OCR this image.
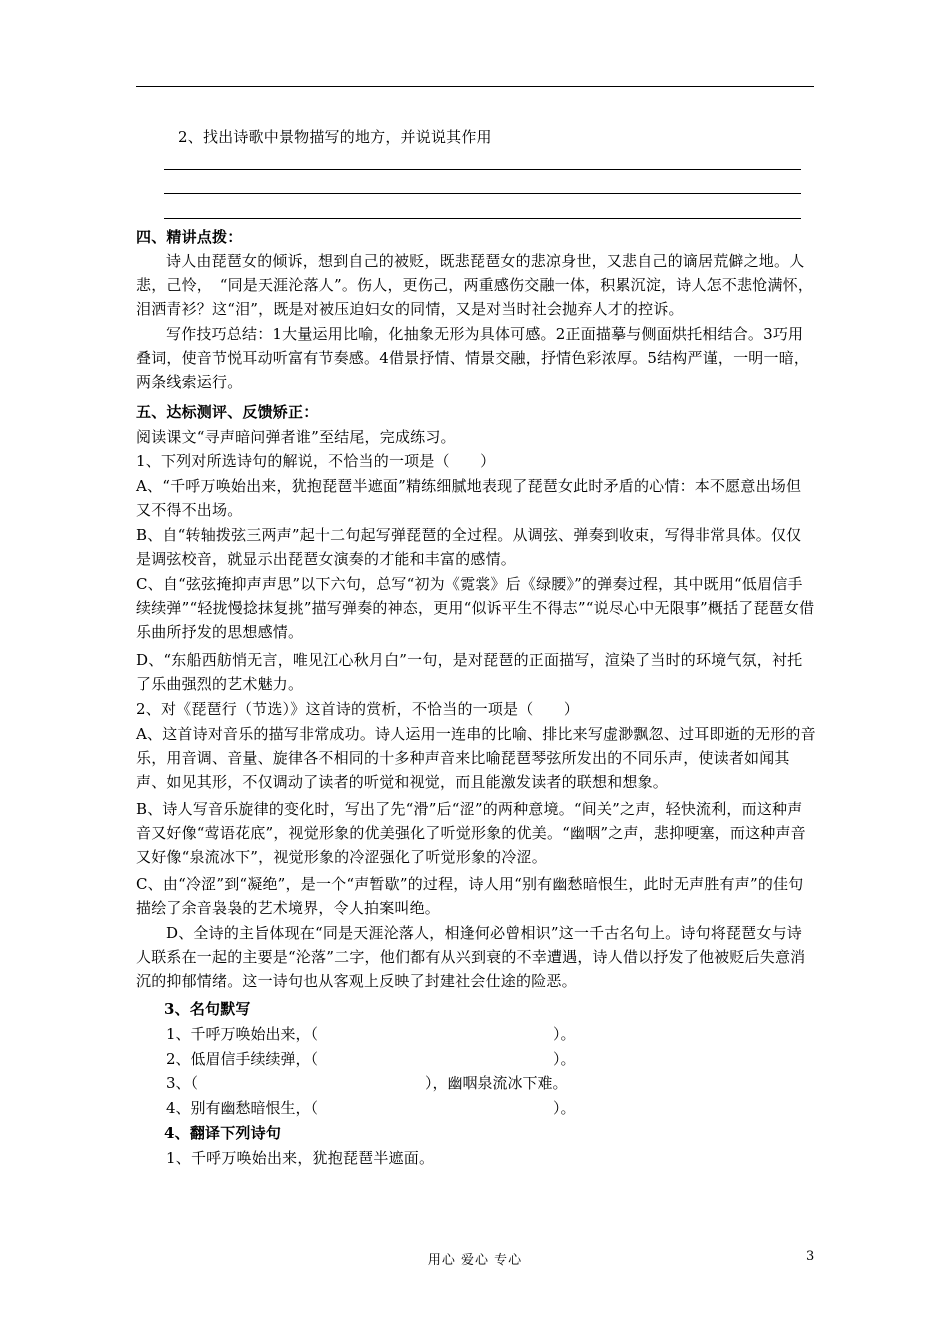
2、找出诗歌中景物描写的地方，并说说其作用
四、精讲点拨：
诗人由琵琶女的倾诉，想到自己的被贬，既悲琵琶女的悲凉身世，又悲自己的谪居荒僻之地。人悲，己怜，　“同是天涯沦落人”。伤人，更伤己，两重感伤交融一体，积累沉淀，诗人怎不悲怆满怀，泪洒青衫？这“泪”，既是对被压迫妇女的同情，又是对当时社会抛弃人才的控诉。
写作技巧总结：1大量运用比喻，化抽象无形为具体可感。2正面描摹与侧面烘托相结合。3巧用叠词，使音节悦耳动听富有节奏感。4借景抒情、情景交融，抒情色彩浓厚。5结构严谨，一明一暗，两条线索运行。
五、达标测评、反馈矫正：
阅读课文“寻声暗问弹者谁”至结尾，完成练习。
1、下列对所选诗句的解说，不恰当的一项是（　　）
A、“千呼万唤始出来，犹抱琵琶半遮面”精练细腻地表现了琵琶女此时矛盾的心情：本不愿意出场但又不得不出场。
B、自“转轴拨弦三两声”起十二句起写弹琵琶的全过程。从调弦、弹奏到收束，写得非常具体。仅仅是调弦校音，就显示出琵琶女演奏的才能和丰富的感情。
C、自“弦弦掩抑声声思”以下六句，总写“初为《霓裳》后《绿腰》”的弹奏过程，其中既用“低眉信手续续弹”“轻拢慢捻抹复挑”描写弹奏的神态，更用“似诉平生不得志”“说尽心中无限事”概括了琵琶女借乐曲所抒发的思想感情。
D、“东船西舫悄无言，唯见江心秋月白”一句，是对琵琶的正面描写，渲染了当时的环境气氛，衬托了乐曲强烈的艺术魅力。
2、对《琵琶行（节选）》这首诗的赏析，不恰当的一项是（　　）
A、这首诗对音乐的描写非常成功。诗人运用一连串的比喻、排比来写虚渺飘忽、过耳即逝的无形的音乐，用音调、音量、旋律各不相同的十多种声音来比喻琵琶琴弦所发出的不同乐声，使读者如闻其声、如见其形，不仅调动了读者的听觉和视觉，而且能激发读者的联想和想象。
B、诗人写音乐旋律的变化时，写出了先“滑”后“涩”的两种意境。“间关”之声，轻快流利，而这种声音又好像“莺语花底”，视觉形象的优美强化了听觉形象的优美。“幽咽”之声，悲抑哽塞，而这种声音又好像“泉流冰下”，视觉形象的冷涩强化了听觉形象的冷涩。
C、由“冷涩”到“凝绝”，是一个“声暂歇”的过程，诗人用“别有幽愁暗恨生，此时无声胜有声”的佳句描绘了余音袅袅的艺术境界，令人拍案叫绝。
D、全诗的主旨体现在“同是天涯沦落人，相逢何必曾相识”这一千古名句上。诗句将琵琶女与诗人联系在一起的主要是“沦落”二字，他们都有从兴到衰的不幸遭遇，诗人借以抒发了他被贬后失意消沉的抑郁情绪。这一诗句也从客观上反映了封建社会仕途的险恶。
3、名句默写
1、千呼万唤始出来，（	）。
2、低眉信手续续弹，（	）。
3、（	），幽咽泉流冰下难。
4、别有幽愁暗恨生，（	）。
4、翻译下列诗句
1、千呼万唤始出来，犹抱琵琶半遮面。
用心 爱心 专心	3
